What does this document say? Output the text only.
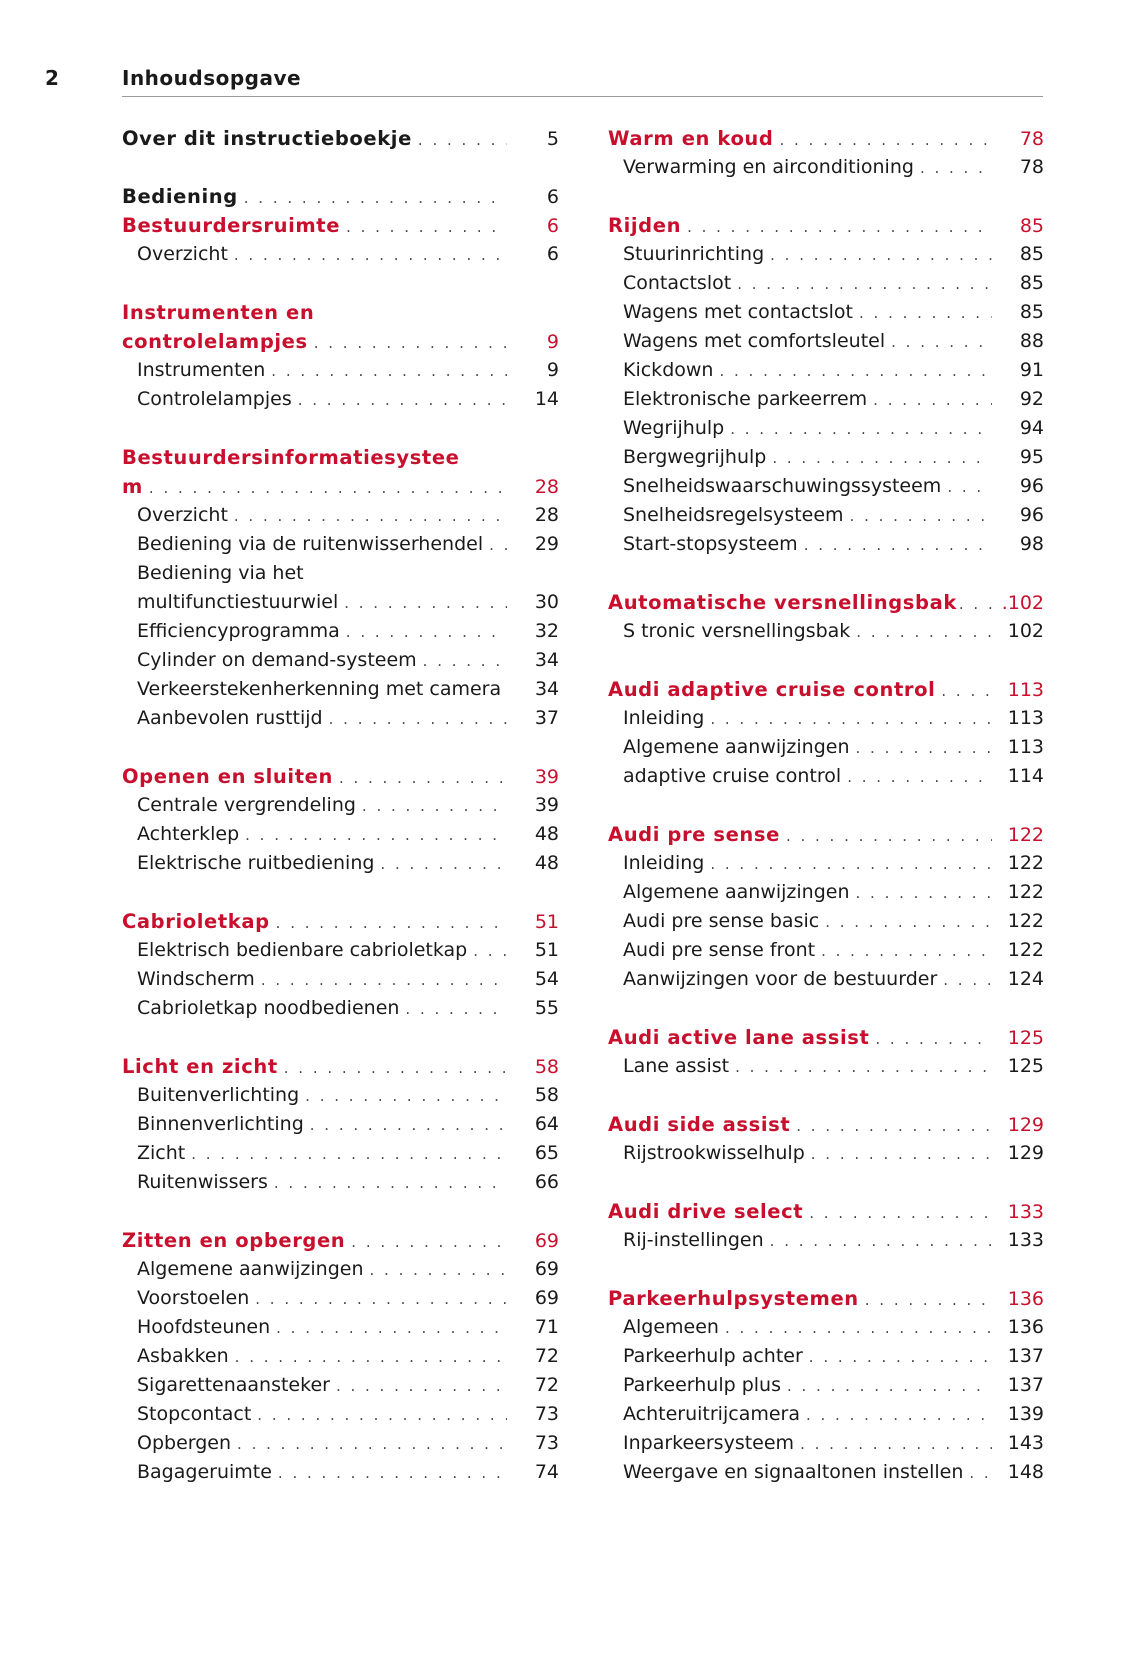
2	Inhoudsopgave
Over dit instructieboekje . . .	5
Bediening . . .	6
Bestuurdersruimte . . .	6
Overzicht . . .	6
Instrumenten en
controlelampjes . . .	9
Instrumenten . . .	9
Controlelampjes . . .	14
Bestuurdersinformatiesystee
m . . .	28
Overzicht . . .	28
Bediening via de ruitenwisserhendel . . .	29
Bediening via het
multifunctiestuurwiel . . .	30
Efficiencyprogramma . . .	32
Cylinder on demand-systeem . . .	34
Verkeerstekenherkenning met camera	34
Aanbevolen rusttijd . . .	37
Openen en sluiten . . .	39
Centrale vergrendeling . . .	39
Achterklep . . .	48
Elektrische ruitbediening . . .	48
Cabrioletkap . . .	51
Elektrisch bedienbare cabrioletkap . . .	51
Windscherm . . .	54
Cabrioletkap noodbedienen . . .	55
Licht en zicht . . .	58
Buitenverlichting . . .	58
Binnenverlichting . . .	64
Zicht . . .	65
Ruitenwissers . . .	66
Zitten en opbergen . . .	69
Algemene aanwijzingen . . .	69
Voorstoelen . . .	69
Hoofdsteunen . . .	71
Asbakken . . .	72
Sigarettenaansteker . . .	72
Stopcontact . . .	73
Opbergen . . .	73
Bagageruimte . . .	74
Warm en koud . . .	78
Verwarming en airconditioning . . .	78
Rijden . . .	85
Stuurinrichting . . .	85
Contactslot . . .	85
Wagens met contactslot . . .	85
Wagens met comfortsleutel . . .	88
Kickdown . . .	91
Elektronische parkeerrem . . .	92
Wegrijhulp . . .	94
Bergwegrijhulp . . .	95
Snelheidswaarschuwingssysteem . . .	96
Snelheidsregelsysteem . . .	96
Start-stopsysteem . . .	98
Automatische versnellingsbak . . . .102
S tronic versnellingsbak . . .	102
Audi adaptive cruise control . . .	113
Inleiding . . .	113
Algemene aanwijzingen . . .	113
adaptive cruise control . . .	114
Audi pre sense . . .	122
Inleiding . . .	122
Algemene aanwijzingen . . .	122
Audi pre sense basic . . .	122
Audi pre sense front . . .	122
Aanwijzingen voor de bestuurder . . .	124
Audi active lane assist . . .	125
Lane assist . . .	125
Audi side assist . . .	129
Rijstrookwisselhulp . . .	129
Audi drive select . . .	133
Rij-instellingen . . .	133
Parkeerhulpsystemen . . .	136
Algemeen . . .	136
Parkeerhulp achter . . .	137
Parkeerhulp plus . . .	137
Achteruitrijcamera . . .	139
Inparkeersysteem . . .	143
Weergave en signaaltonen instellen . . .	148
